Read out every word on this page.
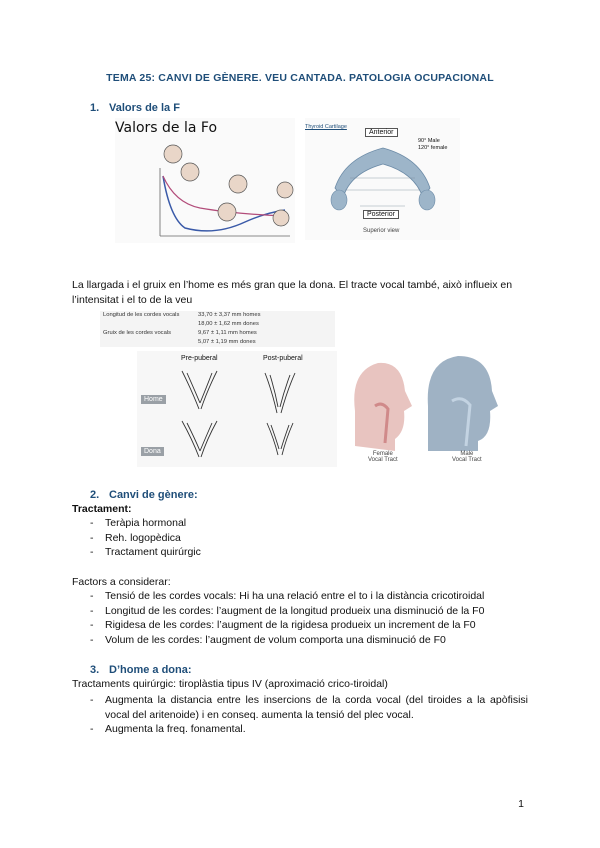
TEMA 25: CANVI DE GÈNERE. VEU CANTADA. PATOLOGIA OCUPACIONAL
1. Valors de la F
Valors de la Fo	Thyroid Cartilage
Anterior
90° Male
120° female
Posterior
Superior view
La llargada i el gruix en l’home es més gran que la dona. El tracte vocal també, això influeix en l’intensitat i el to de la veu
Longitud de les cordes vocals	33,70 ± 3,37 mm homes
18,00 ± 1,62 mm dones
Gruix de les cordes vocals	9,67 ± 1,11 mm homes
5,07 ± 1,19 mm dones
Pre-puberal	Post-puberal
Home
Dona	Female
Vocal Tract
Male
Vocal Tract
2. Canvi de gènere:
Tractament:
- Teràpia hormonal
- Reh. logopèdica
- Tractament quirúrgic
Factors a considerar:
- Tensió de les cordes vocals: Hi ha una relació entre el to i la distància cricotiroidal
- Longitud de les cordes: l’augment de la longitud produeix una disminució de la F0
- Rigidesa de les cordes: l’augment de la rigidesa produeix un increment de la F0
- Volum de les cordes: l’augment de volum comporta una disminució de F0
3. D’home a dona:
Tractaments quirúrgic: tiroplàstia tipus IV (aproximació crico-tiroidal)
- Augmenta la distancia entre les insercions de la corda vocal (del tiroides a la apòfisisi vocal del aritenoide) i en conseq. aumenta la tensió del plec vocal.
- Augmenta la freq. fonamental.
1
